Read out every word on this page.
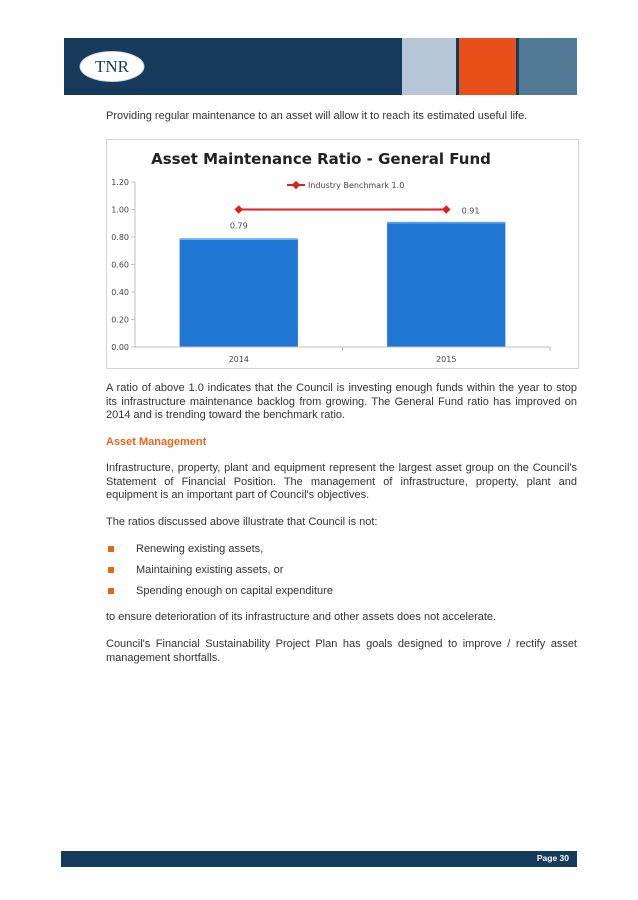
TNR
Providing regular maintenance to an asset will allow it to reach its estimated useful life.
Asset Maintenance Ratio - General Fund
0.00
0.20
0.40
0.60
0.80
1.00
1.20
0.79
0.91
2014	2015
Industry Benchmark 1.0
A ratio of above 1.0 indicates that the Council is investing enough funds within the year to stop its infrastructure maintenance backlog from growing. The General Fund ratio has improved on 2014 and is trending toward the benchmark ratio.
Asset Management
Infrastructure, property, plant and equipment represent the largest asset group on the Council's Statement of Financial Position. The management of infrastructure, property, plant and equipment is an important part of Council's objectives.
The ratios discussed above illustrate that Council is not:
Renewing existing assets,
Maintaining existing assets, or
Spending enough on capital expenditure
to ensure deterioration of its infrastructure and other assets does not accelerate.
Council's Financial Sustainability Project Plan has goals designed to improve / rectify asset management shortfalls.
Page 30
